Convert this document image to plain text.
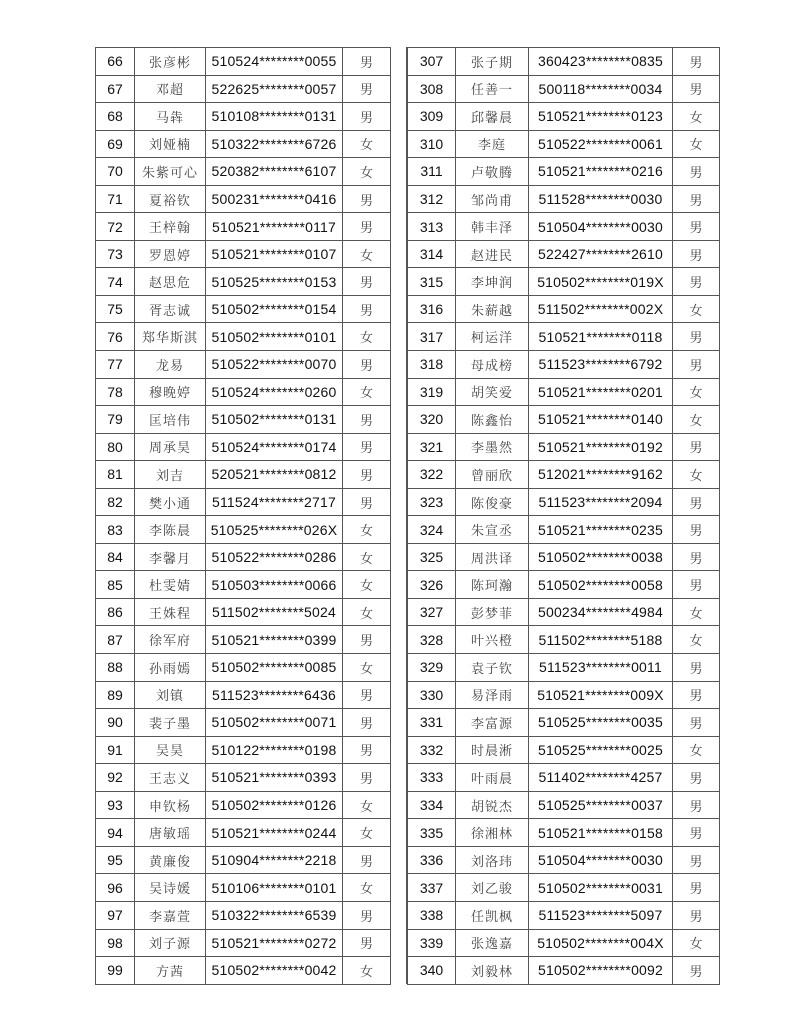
66	张彦彬	510524********0055	男
67	邓超	522625********0057	男
68	马犇	510108********0131	男
69	刘娅楠	510322********6726	女
70	朱紫可心	520382********6107	女
71	夏裕钦	500231********0416	男
72	王梓翰	510521********0117	男
73	罗恩婷	510521********0107	女
74	赵思危	510525********0153	男
75	胥志诚	510502********0154	男
76	郑华斯淇	510502********0101	女
77	龙易	510522********0070	男
78	穆晚婷	510524********0260	女
79	匡培伟	510502********0131	男
80	周承昊	510524********0174	男
81	刘吉	520521********0812	男
82	樊小通	511524********2717	男
83	李陈晨	510525********026X	女
84	李馨月	510522********0286	女
85	杜雯婧	510503********0066	女
86	王姝程	511502********5024	女
87	徐军府	510521********0399	男
88	孙雨嫣	510502********0085	女
89	刘镇	511523********6436	男
90	裴子墨	510502********0071	男
91	吴昊	510122********0198	男
92	王志义	510521********0393	男
93	申钦杨	510502********0126	女
94	唐敏瑶	510521********0244	女
95	黄廉俊	510904********2218	男
96	吴诗媛	510106********0101	女
97	李嘉萱	510322********6539	男
98	刘子源	510521********0272	男
99	方茜	510502********0042	女
307	张子期	360423********0835	男
308	任善一	500118********0034	男
309	邱馨晨	510521********0123	女
310	李庭	510522********0061	女
311	卢敬腾	510521********0216	男
312	邹尚甫	511528********0030	男
313	韩丰泽	510504********0030	男
314	赵进民	522427********2610	男
315	李坤润	510502********019X	男
316	朱薪越	511502********002X	女
317	柯运洋	510521********0118	男
318	母成榜	511523********6792	男
319	胡笑爱	510521********0201	女
320	陈鑫怡	510521********0140	女
321	李墨然	510521********0192	男
322	曾丽欣	512021********9162	女
323	陈俊豪	511523********2094	男
324	朱宣丞	510521********0235	男
325	周洪译	510502********0038	男
326	陈珂瀚	510502********0058	男
327	彭梦菲	500234********4984	女
328	叶兴橙	511502********5188	女
329	袁子钦	511523********0011	男
330	易泽雨	510521********009X	男
331	李富源	510525********0035	男
332	时晨淅	510525********0025	女
333	叶雨晨	511402********4257	男
334	胡锐杰	510525********0037	男
335	徐湘林	510521********0158	男
336	刘洛玮	510504********0030	男
337	刘乙骏	510502********0031	男
338	任凯枫	511523********5097	男
339	张逸嘉	510502********004X	女
340	刘毅林	510502********0092	男
